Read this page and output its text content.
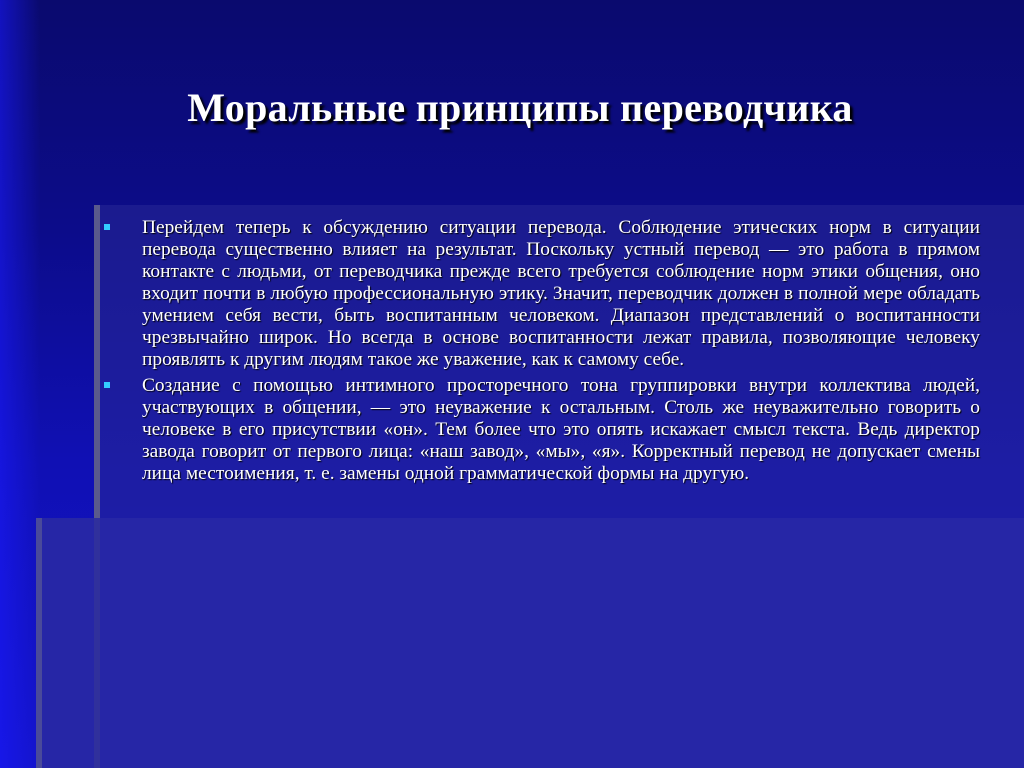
Моральные принципы переводчика
Перейдем теперь к обсуждению ситуации перевода. Соблюдение этических норм в ситуации перевода существенно влияет на результат. Поскольку устный перевод — это работа в прямом контакте с людьми, от переводчика прежде всего требуется соблюдение норм этики общения, оно входит почти в любую профессиональную этику. Значит, переводчик должен в полной мере обладать умением себя вести, быть воспитанным человеком. Диапазон представлений о воспитанности чрезвычайно широк. Но всегда в основе воспитанности лежат правила, позволяющие человеку проявлять к другим людям такое же уважение, как к самому себе.
Создание с помощью интимного просторечного тона группировки внутри коллектива людей, участвующих в общении, — это неуважение к остальным. Столь же неуважительно говорить о человеке в его присутствии «он». Тем более что это опять искажает смысл текста. Ведь директор завода говорит от первого лица: «наш завод», «мы», «я». Корректный перевод не допускает смены лица местоимения, т. е. замены одной грамматической формы на другую.
